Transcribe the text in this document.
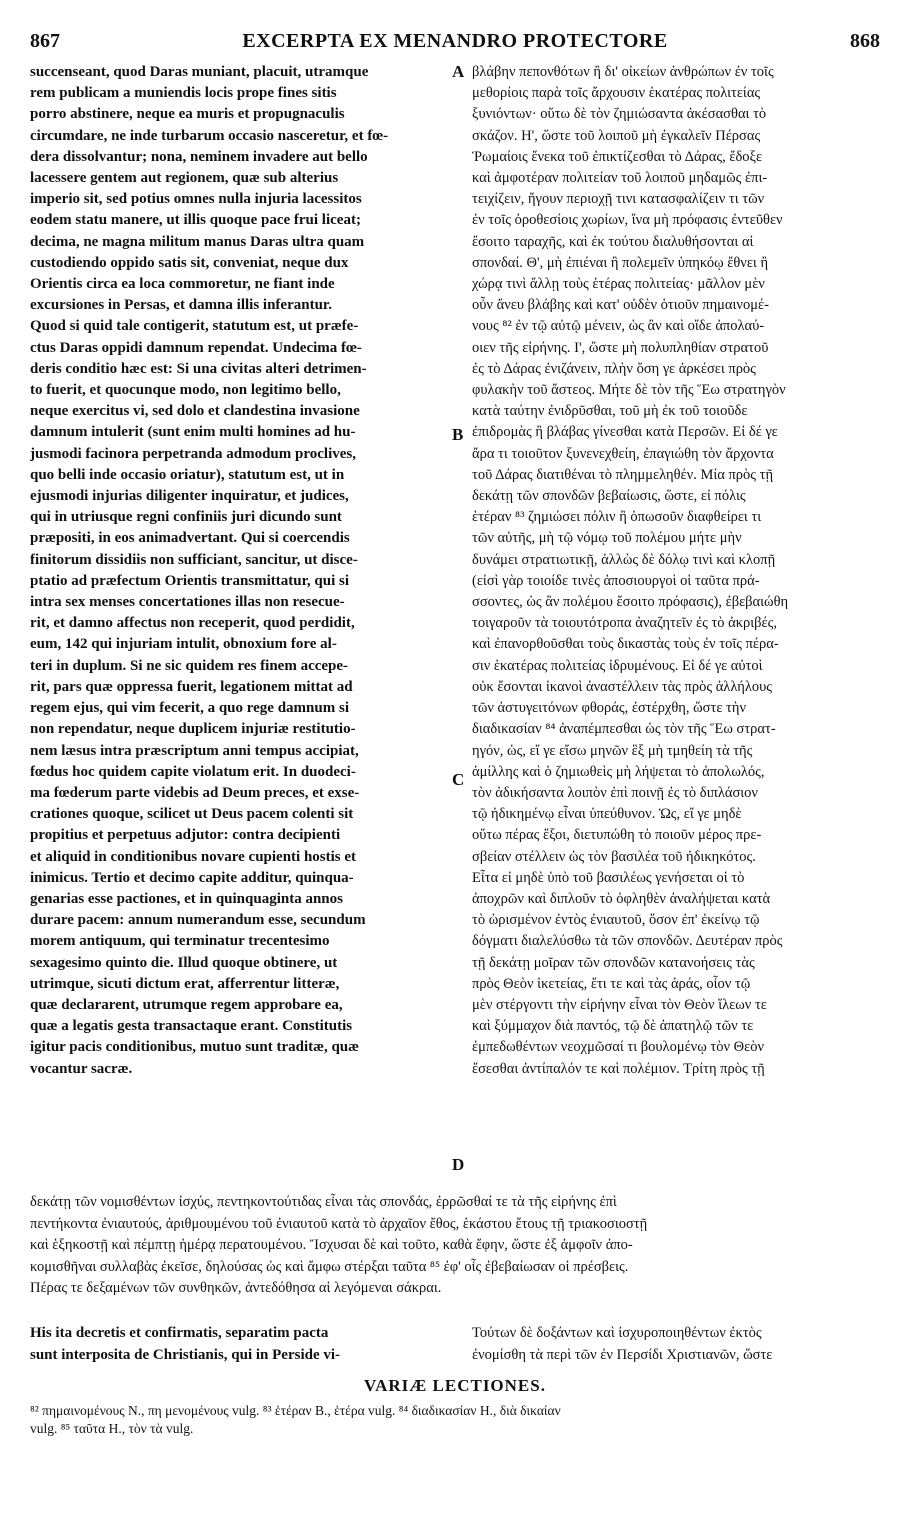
867	EXCERPTA EX MENANDRO PROTECTORE	868
succenseant, quod Daras muniant, placuit, utramque
rem publicam a muniendis locis prope fines sitis
porro abstinere, neque ea muris et propugnaculis
circumdare, ne inde turbarum occasio nasceretur, et fœ-
dera dissolvantur; nona, neminem invadere aut bello
lacessere gentem aut regionem, quæ sub alterius
imperio sit, sed potius omnes nulla injuria lacessitos
eodem statu manere, ut illis quoque pace frui liceat;
decima, ne magna militum manus Daras ultra quam
custodiendo oppido satis sit, conveniat, neque dux
Orientis circa ea loca commoretur, ne fiant inde
excursiones in Persas, et damna illis inferantur.
Quod si quid tale contigerit, statutum est, ut præfe-
ctus Daras oppidi damnum rependat. Undecima fœ-
deris conditio hæc est: Si una civitas alteri detrimen-
to fuerit, et quocunque modo, non legitimo bello,
neque exercitus vi, sed dolo et clandestina invasione
damnum intulerit (sunt enim multi homines ad hu-
jusmodi facinora perpetranda admodum proclives,
quo belli inde occasio oriatur), statutum est, ut in
ejusmodi injurias diligenter inquiratur, et judices,
qui in utriusque regni confiniis juri dicundo sunt
præpositi, in eos animadvertant. Qui si coercendis
finitorum dissidiis non sufficiant, sancitur, ut disce-
ptatio ad præfectum Orientis transmittatur, qui si
intra sex menses concertationes illas non resecue-
rit, et damno affectus non receperit, quod perdidit,
eum, 142 qui injuriam intulit, obnoxium fore al-
teri in duplum. Si ne sic quidem res finem accepe-
rit, pars quæ oppressa fuerit, legationem mittat ad
regem ejus, qui vim fecerit, a quo rege damnum si
non rependatur, neque duplicem injuriæ restitutio-
nem læsus intra præscriptum anni tempus accipiat,
fœdus hoc quidem capite violatum erit. In duodeci-
ma fœderum parte videbis ad Deum preces, et exse-
crationes quoque, scilicet ut Deus pacem colenti sit
propitius et perpetuus adjutor: contra decipienti
et aliquid in conditionibus novare cupienti hostis et
inimicus. Tertio et decimo capite additur, quinqua-
genarias esse pactiones, et in quinquaginta annos
durare pacem: annum numerandum esse, secundum
morem antiquum, qui terminatur trecentesimo
sexagesimo quinto die. Illud quoque obtinere, ut
utrimque, sicuti dictum erat, afferrentur litteræ,
quæ declararent, utrumque regem approbare ea,
quæ a legatis gesta transactaque erant. Constitutis
igitur pacis conditionibus, mutuo sunt traditæ, quæ
vocantur sacræ.
βλάβην πεπονθότων ἢ δι' οἰκείων ἀνθρώπων ἐν τοῖς
μεθορίοις παρὰ τοῖς ἄρχουσιν ἑκατέρας πολιτείας
ξυνιόντων· οὕτω δὲ τὸν ζημιώσαντα ἀκέσασθαι τὸ
σκάζον. Η', ὥστε τοῦ λοιποῦ μὴ ἐγκαλεῖν Πέρσας
Ῥωμαίοις ἕνεκα τοῦ ἐπικτίζεσθαι τὸ Δάρας, ἔδοξε
καὶ ἀμφοτέραν πολιτείαν τοῦ λοιποῦ μηδαμῶς ἐπι-
τειχίζειν, ἤγουν περιοχῇ τινι κατασφαλίζειν τι τῶν
ἐν τοῖς ὀροθεσίοις χωρίων, ἵνα μὴ πρόφασις ἐντεῦθεν
ἔσοιτο ταραχῆς, καὶ ἐκ τούτου διαλυθήσονται αἱ
σπονδαί. Θ', μὴ ἐπιέναι ἢ πολεμεῖν ὑπηκόῳ ἔθνει ἢ
χώρᾳ τινὶ ἄλλῃ τοὺς ἑτέρας πολιτείας· μᾶλλον μὲν
οὖν ἄνευ βλάβης καὶ κατ' οὐδὲν ὁτιοῦν πημαινομέ-
νους ⁸² ἐν τῷ αὐτῷ μένειν, ὡς ἂν καὶ οἵδε ἀπολαύ-
οιεν τῆς εἰρήνης. Ι', ὥστε μὴ πολυπληθίαν στρατοῦ
ἐς τὸ Δάρας ἐνιζάνειν, πλὴν ὅση γε ἀρκέσει πρὸς
φυλακὴν τοῦ ἄστεος. Μήτε δὲ τὸν τῆς Ἕω στρατηγὸν
κατὰ ταύτην ἐνιδρῦσθαι, τοῦ μὴ ἐκ τοῦ τοιοῦδε
ἐπιδρομὰς ἢ βλάβας γίνεσθαι κατὰ Περσῶν. Εἰ δέ γε
ἄρα τι τοιοῦτον ξυνενεχθείη, ἐπαγιώθη τὸν ἄρχοντα
τοῦ Δάρας διατιθέναι τὸ πλημμεληθέν. Μία πρὸς τῇ
δεκάτῃ τῶν σπονδῶν βεβαίωσις, ὥστε, εἰ πόλις
ἑτέραν ⁸³ ζημιώσει πόλιν ἢ ὁπωσοῦν διαφθείρει τι
τῶν αὐτῆς, μὴ τῷ νόμῳ τοῦ πολέμου μήτε μὴν
δυνάμει στρατιωτικῇ, ἀλλὼς δὲ δόλῳ τινὶ καὶ κλοπῇ
(εἰσὶ γὰρ τοιοίδε τινὲς ἀποσιουργοὶ οἱ ταῦτα πρά-
σσοντες, ὡς ἂν πολέμου ἔσοιτο πρόφασις), ἐβεβαιώθη
τοιγαροῦν τὰ τοιουτότροπα ἀναζητεῖν ἐς τὸ ἀκριβές,
καὶ ἐπανορθοῦσθαι τοὺς δικαστὰς τοὺς ἐν τοῖς πέρα-
σιν ἑκατέρας πολιτείας ἱδρυμένους. Εἰ δέ γε αὐτοὶ
οὐκ ἔσονται ἱκανοὶ ἀναστέλλειν τὰς πρὸς ἀλλήλους
τῶν ἀστυγειτόνων φθοράς, ἐστέρχθη, ὥστε τὴν
διαδικασίαν ⁸⁴ ἀναπέμπεσθαι ὡς τὸν τῆς Ἕω στρατ-
ηγόν, ὡς, εἴ γε εἴσω μηνῶν ἓξ μὴ τμηθείη τὰ τῆς
ἁμίλλης καὶ ὁ ζημιωθεὶς μὴ λήψεται τὸ ἀπολωλός,
τὸν ἀδικήσαντα λοιπὸν ἐπὶ ποινῇ ἐς τὸ διπλάσιον
τῷ ἠδικημένῳ εἶναι ὑπεύθυνον. Ὡς, εἴ γε μηδὲ
οὕτω πέρας ἕξοι, διετυπώθη τὸ ποιοῦν μέρος πρε-
σβείαν στέλλειν ὡς τὸν βασιλέα τοῦ ἠδικηκότος.
Εἶτα εἰ μηδὲ ὑπὸ τοῦ βασιλέως γενήσεται οἱ τὸ
ἀποχρῶν καὶ διπλοῦν τὸ ὀφληθὲν ἀναλήψεται κατὰ
τὸ ὡρισμένον ἐντὸς ἐνιαυτοῦ, ὅσον ἐπ' ἐκείνῳ τῷ
δόγματι διαλελύσθω τὰ τῶν σπονδῶν. Δευτέραν πρὸς
τῇ δεκάτῃ μοῖραν τῶν σπονδῶν κατανοήσεις τὰς
πρὸς Θεὸν ἱκετείας, ἔτι τε καὶ τὰς ἀράς, οἷον τῷ
μὲν στέργοντι τὴν εἰρήνην εἶναι τὸν Θεὸν ἵλεων τε
καὶ ξύμμαχον διὰ παντός, τῷ δὲ ἀπατηλῷ τῶν τε
ἐμπεδωθέντων νεοχμῶσαί τι βουλομένῳ τὸν Θεὸν
ἔσεσθαι ἀντίπαλόν τε καὶ πολέμιον. Τρίτη πρὸς τῇ
A
B
C
D
δεκάτῃ τῶν νομισθέντων ἰσχύς, πεντηκοντούτιδας εἶναι τὰς σπονδάς, ἐρρῶσθαί τε τὰ τῆς εἰρήνης ἐπὶ
πεντήκοντα ἐνιαυτούς, ἀριθμουμένου τοῦ ἐνιαυτοῦ κατὰ τὸ ἀρχαῖον ἔθος, ἑκάστου ἔτους τῇ τριακοσιοστῇ
καὶ ἑξηκοστῇ καὶ πέμπτῃ ἡμέρᾳ περατουμένου. Ἴσχυσαι δὲ καὶ τοῦτο, καθὰ ἔφην, ὥστε ἐξ ἀμφοῖν ἀπο-
κομισθῆναι συλλαβὰς ἐκεῖσε, δηλούσας ὡς καὶ ἄμφω στέρξαι ταῦτα ⁸⁵ ἐφ' οἷς ἐβεβαίωσαν οἱ πρέσβεις.
Πέρας τε δεξαμένων τῶν συνθηκῶν, ἀντεδόθησα αἱ λεγόμεναι σάκραι.
His ita decretis et confirmatis, separatim pacta
sunt interposita de Christianis, qui in Perside vi-
Τούτων δὲ δοξάντων καὶ ἰσχυροποιηθέντων ἐκτὸς
ἐνομίσθη τὰ περὶ τῶν ἐν Περσίδι Χριστιανῶν, ὥστε
VARIÆ LECTIONES.
⁸² πημαινομένους N., πη μενομένους vulg. ⁸³ ἑτέραν B., ἑτέρα vulg. ⁸⁴ διαδικασίαν H., διὰ δικαίαν
vulg. ⁸⁵ ταῦτα H., τὸν τὰ vulg.
